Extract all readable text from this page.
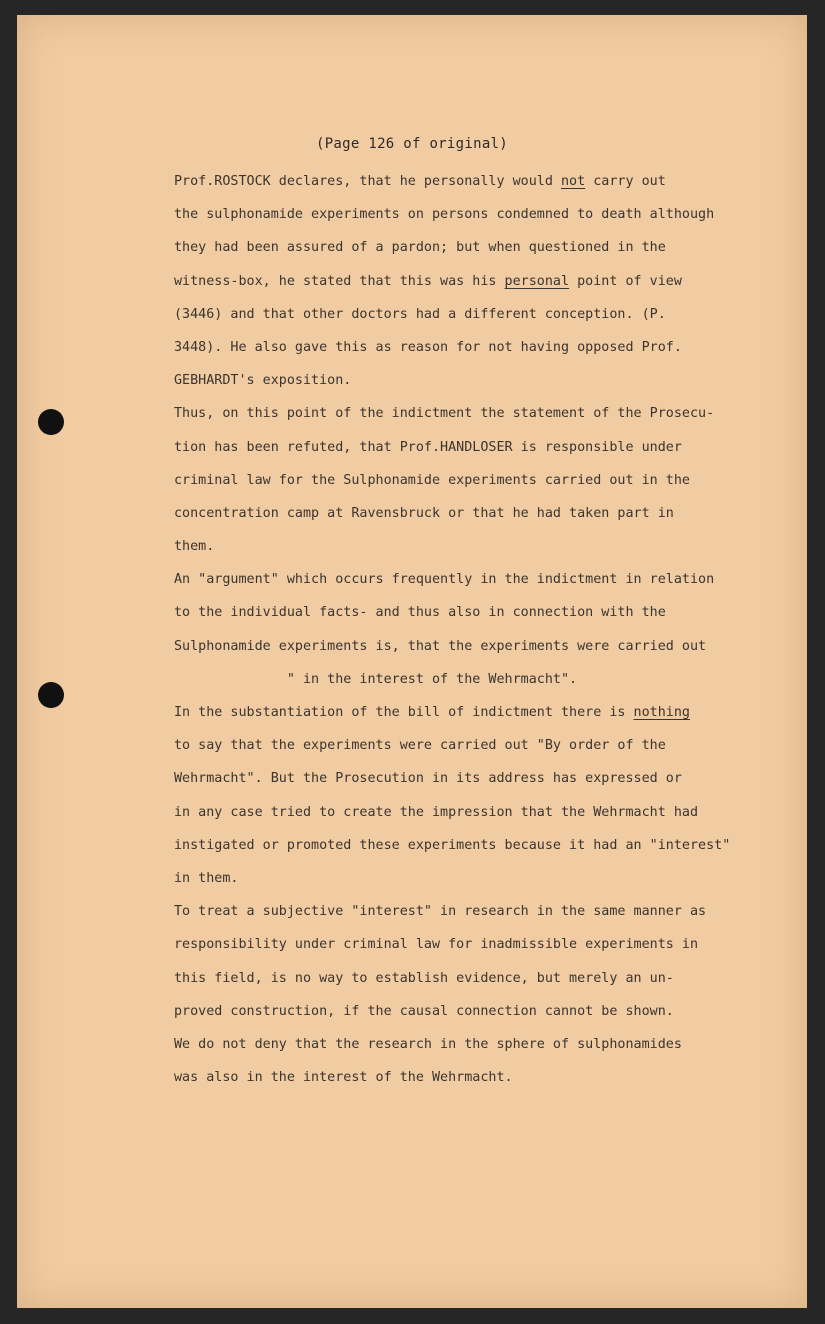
(Page 126 of original)
Prof.ROSTOCK declares, that he personally would not carry out
the sulphonamide experiments on persons condemned to death although
they had been assured of a pardon; but when questioned in the
witness-box, he stated that this was his personal point of view
(3446) and that other doctors had a different conception. (P.
3448). He also gave this as reason for not having opposed Prof.
GEBHARDT's exposition.
Thus, on this point of the indictment the statement of the Prosecu-
tion has been refuted, that Prof.HANDLOSER is responsible under
criminal law for the Sulphonamide experiments carried out in the
concentration camp at Ravensbruck or that he had taken part in
them.
An "argument" which occurs frequently in the indictment in relation
to the individual facts- and thus also in connection with the
Sulphonamide experiments is, that the experiments were carried out
" in the interest of the Wehrmacht".
In the substantiation of the bill of indictment there is nothing
to say that the experiments were carried out "By order of the
Wehrmacht". But the Prosecution in its address has expressed or
in any case tried to create the impression that the Wehrmacht had
instigated or promoted these experiments because it had an "interest"
in them.
To treat a subjective "interest" in research in the same manner as
responsibility under criminal law for inadmissible experiments in
this field, is no way to establish evidence, but merely an un-
proved construction, if the causal connection cannot be shown.
We do not deny that the research in the sphere of sulphonamides
was also in the interest of the Wehrmacht.
